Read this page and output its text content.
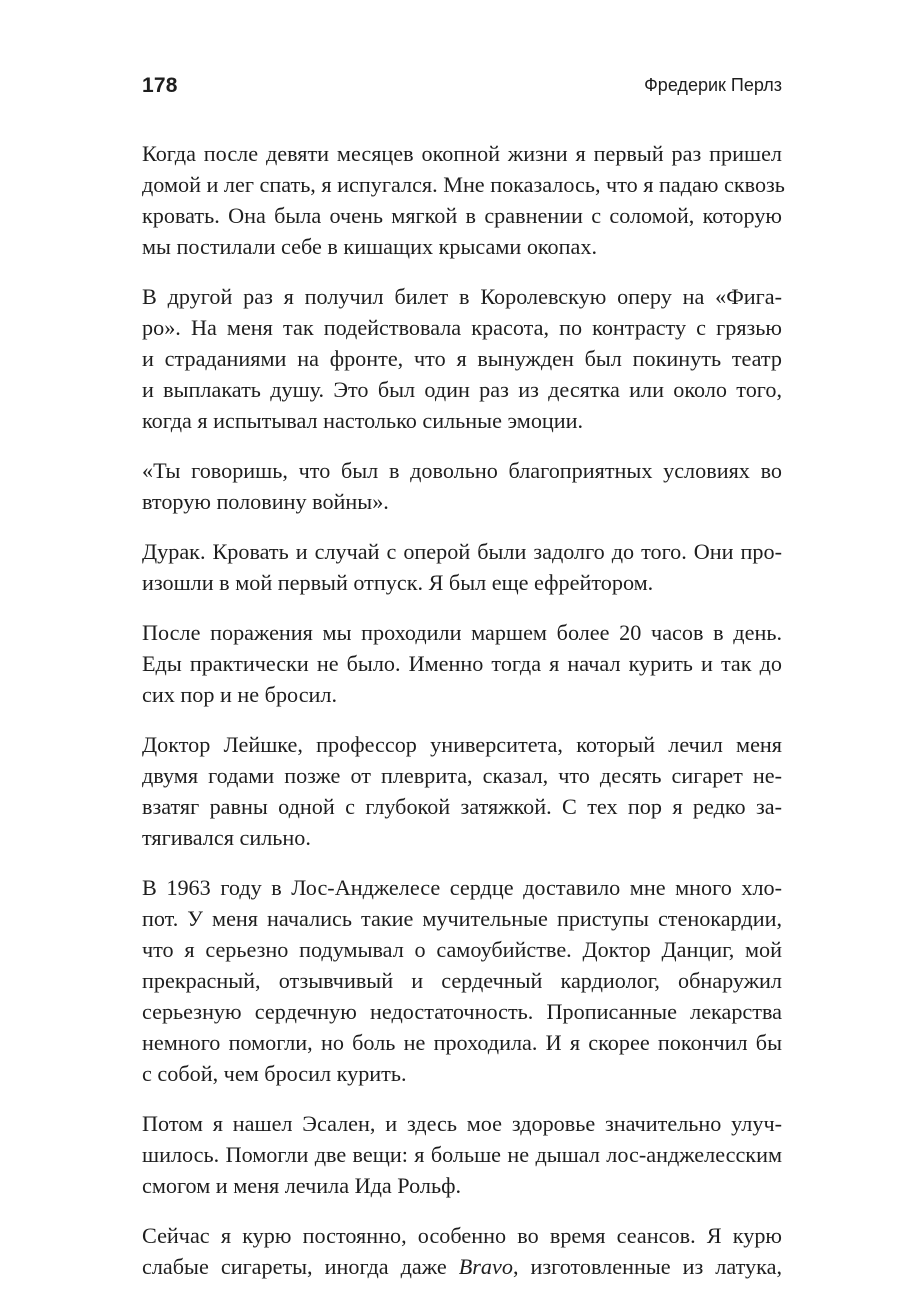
178	Фредерик Перлз

Когда после девяти месяцев окопной жизни я первый раз пришел
домой и лег спать, я испугался. Мне показалось, что я падаю сквозь
кровать. Она была очень мягкой в сравнении с соломой, которую
мы постилали себе в кишащих крысами окопах.

В другой раз я получил билет в Королевскую оперу на «Фига-
ро». На меня так подействовала красота, по контрасту с грязью
и страданиями на фронте, что я вынужден был покинуть театр
и выплакать душу. Это был один раз из десятка или около того,
когда я испытывал настолько сильные эмоции.

«Ты говоришь, что был в довольно благоприятных условиях во
вторую половину войны».

Дурак. Кровать и случай с оперой были задолго до того. Они про-
изошли в мой первый отпуск. Я был еще ефрейтором.

После поражения мы проходили маршем более 20 часов в день.
Еды практически не было. Именно тогда я начал курить и так до
сих пор и не бросил.

Доктор Лейшке, профессор университета, который лечил меня
двумя годами позже от плеврита, сказал, что десять сигарет не-
взатяг равны одной с глубокой затяжкой. С тех пор я редко за-
тягивался сильно.

В 1963 году в Лос-Анджелесе сердце доставило мне много хло-
пот. У меня начались такие мучительные приступы стенокардии,
что я серьезно подумывал о самоубийстве. Доктор Данциг, мой
прекрасный, отзывчивый и сердечный кардиолог, обнаружил
серьезную сердечную недостаточность. Прописанные лекарства
немного помогли, но боль не проходила. И я скорее покончил бы
с собой, чем бросил курить.

Потом я нашел Эсален, и здесь мое здоровье значительно улуч-
шилось. Помогли две вещи: я больше не дышал лос-анджелесским
смогом и меня лечила Ида Рольф.

Сейчас я курю постоянно, особенно во время сеансов. Я курю
слабые сигареты, иногда даже Bravo, изготовленные из латука,
